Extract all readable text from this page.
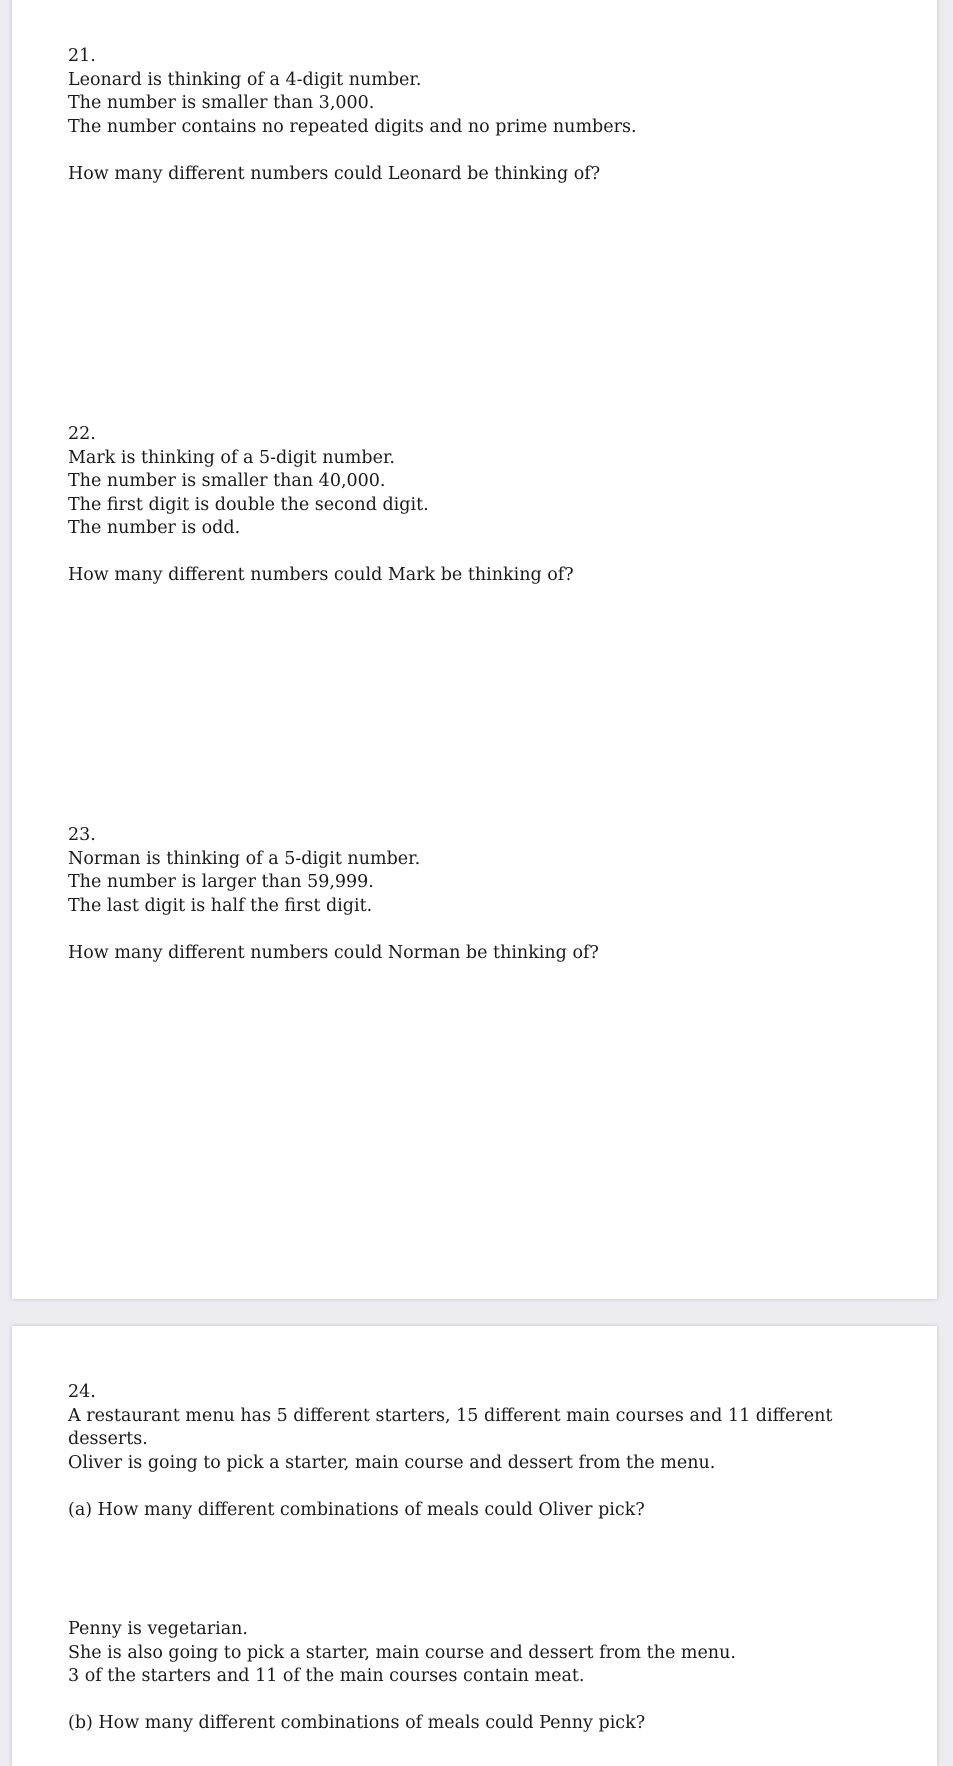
21.

Leonard is thinking of a 4-digit number.

The number is smaller than 3,000.

The number contains no repeated digits and no prime numbers.

How many different numbers could Leonard be thinking of?

22.

Mark is thinking of a 5-digit number.

The number is smaller than 40,000.

The first digit is double the second digit.

The number is odd.

How many different numbers could Mark be thinking of?

23.

Norman is thinking of a 5-digit number.

The number is larger than 59,999.

The last digit is half the first digit.

How many different numbers could Norman be thinking of?

24.

A restaurant menu has 5 different starters, 15 different main courses and 11 different desserts.

Oliver is going to pick a starter, main course and dessert from the menu.

(a) How many different combinations of meals could Oliver pick?

Penny is vegetarian.

She is also going to pick a starter, main course and dessert from the menu.

3 of the starters and 11 of the main courses contain meat.

(b) How many different combinations of meals could Penny pick?
